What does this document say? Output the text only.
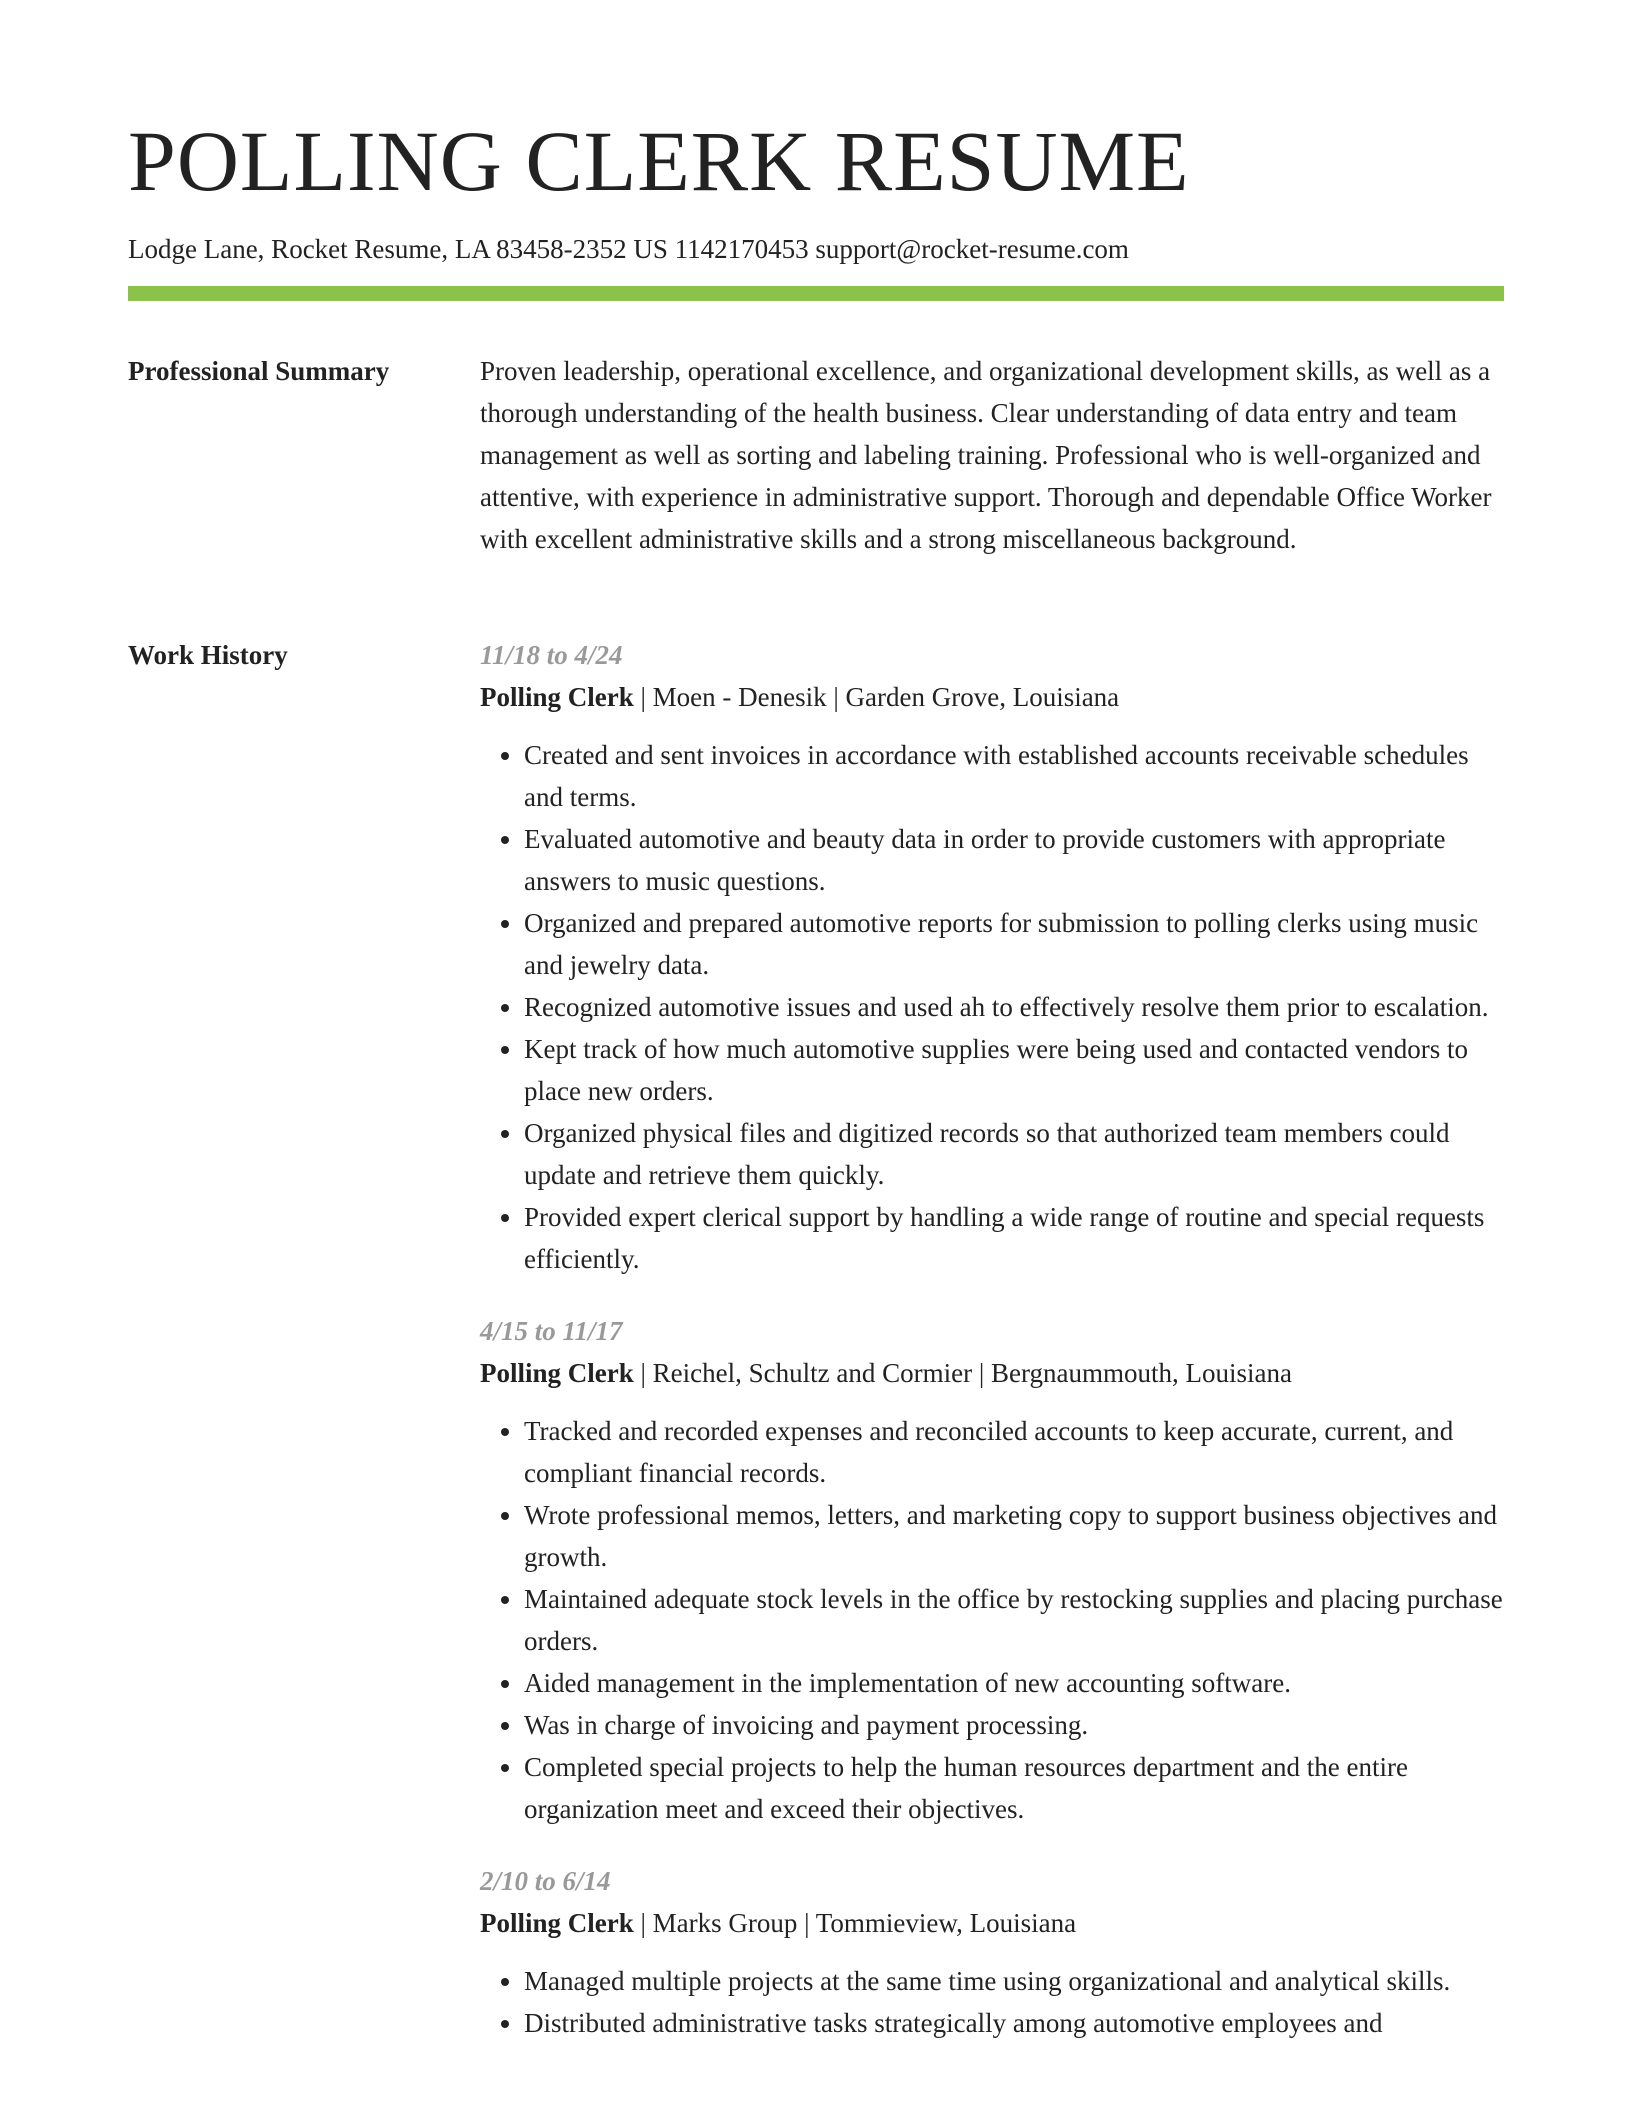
POLLING CLERK RESUME
Lodge Lane, Rocket Resume, LA 83458-2352 US 1142170453 support@rocket-resume.com
Professional Summary	Proven leadership, operational excellence, and organizational development skills, as well as a thorough understanding of the health business. Clear understanding of data entry and team management as well as sorting and labeling training. Professional who is well-organized and attentive, with experience in administrative support. Thorough and dependable Office Worker with excellent administrative skills and a strong miscellaneous background.

Work History	11/18 to 4/24

Polling Clerk | Moen - Denesik | Garden Grove, Louisiana

• Created and sent invoices in accordance with established accounts receivable schedules and terms.
• Evaluated automotive and beauty data in order to provide customers with appropriate answers to music questions.
• Organized and prepared automotive reports for submission to polling clerks using music and jewelry data.
• Recognized automotive issues and used ah to effectively resolve them prior to escalation.
• Kept track of how much automotive supplies were being used and contacted vendors to place new orders.
• Organized physical files and digitized records so that authorized team members could update and retrieve them quickly.
• Provided expert clerical support by handling a wide range of routine and special requests efficiently.

4/15 to 11/17

Polling Clerk | Reichel, Schultz and Cormier | Bergnaummouth, Louisiana

• Tracked and recorded expenses and reconciled accounts to keep accurate, current, and compliant financial records.
• Wrote professional memos, letters, and marketing copy to support business objectives and growth.
• Maintained adequate stock levels in the office by restocking supplies and placing purchase orders.
• Aided management in the implementation of new accounting software.
• Was in charge of invoicing and payment processing.
• Completed special projects to help the human resources department and the entire organization meet and exceed their objectives.

2/10 to 6/14

Polling Clerk | Marks Group | Tommieview, Louisiana

• Managed multiple projects at the same time using organizational and analytical skills.
• Distributed administrative tasks strategically among automotive employees and
